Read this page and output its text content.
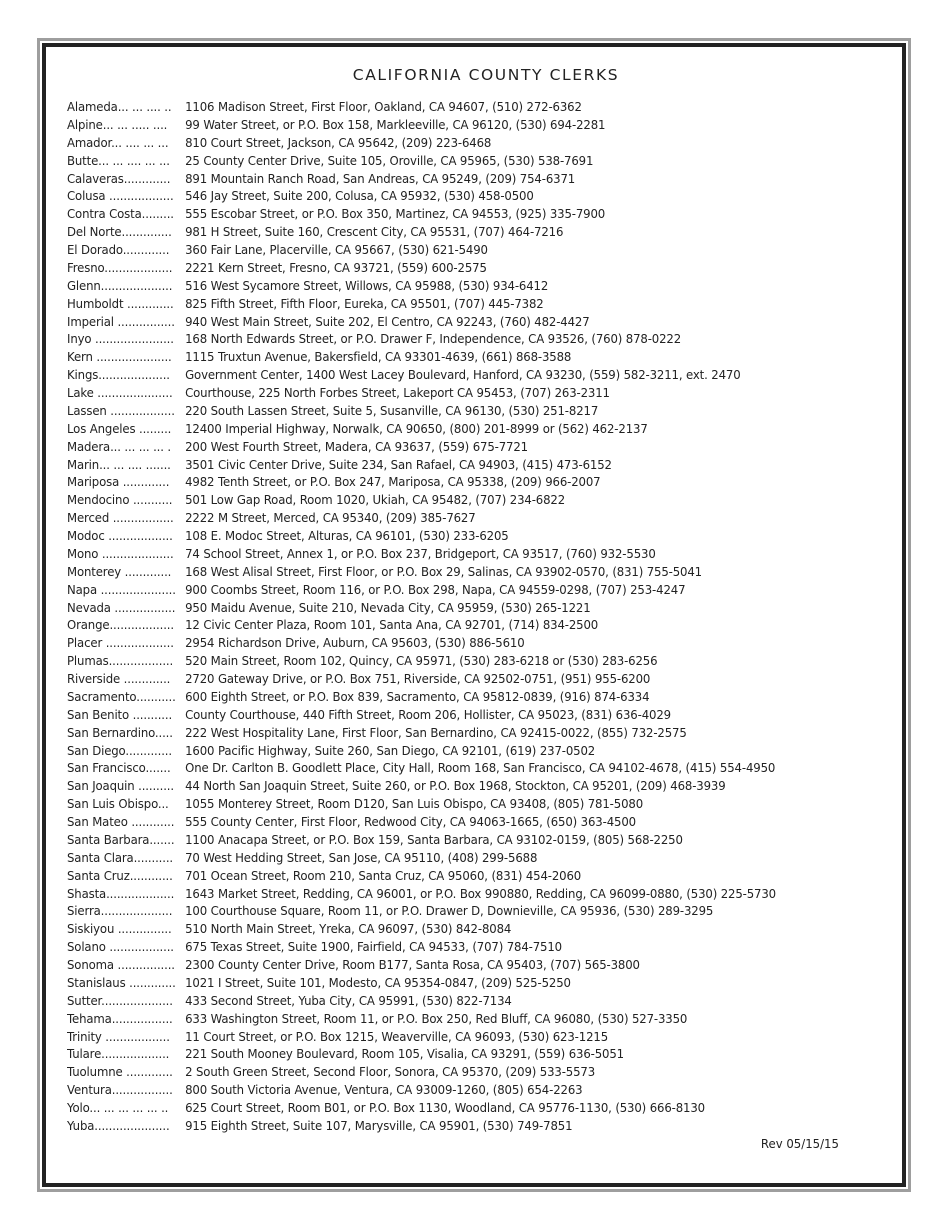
CALIFORNIA COUNTY CLERKS
Alameda... ... .... ..	1106 Madison Street, First Floor, Oakland, CA 94607, (510) 272-6362
Alpine... ... ..... ....	99 Water Street, or P.O. Box 158, Markleeville, CA 96120, (530) 694-2281
Amador... .... ... ...	810 Court Street, Jackson, CA 95642, (209) 223-6468
Butte... ... .... ... ...	25 County Center Drive, Suite 105, Oroville, CA 95965, (530) 538-7691
Calaveras.............	891 Mountain Ranch Road, San Andreas, CA 95249, (209) 754-6371
Colusa .................. 546 Jay Street, Suite 200, Colusa, CA 95932, (530) 458-0500
Contra Costa......... 555 Escobar Street, or P.O. Box 350, Martinez, CA 94553, (925) 335-7900
Del Norte..............	981 H Street, Suite 160, Crescent City, CA 95531, (707) 464-7216
El Dorado.............	360 Fair Lane, Placerville, CA 95667, (530) 621-5490
Fresno...................	2221 Kern Street, Fresno, CA 93721, (559) 600-2575
Glenn....................	516 West Sycamore Street, Willows, CA 95988, (530) 934-6412
Humboldt ............. 825 Fifth Street, Fifth Floor, Eureka, CA 95501, (707) 445-7382
Imperial ................ 940 West Main Street, Suite 202, El Centro, CA 92243, (760) 482-4427
Inyo ...................... 168 North Edwards Street, or P.O. Drawer F, Independence, CA 93526, (760) 878-0222
Kern .....................	1115 Truxtun Avenue, Bakersfield, CA 93301-4639, (661) 868-3588
Kings....................	Government Center, 1400 West Lacey Boulevard, Hanford, CA 93230, (559) 582-3211, ext. 2470
Lake ..................... Courthouse, 225 North Forbes Street, Lakeport CA 95453, (707) 263-2311
Lassen .................. 220 South Lassen Street, Suite 5, Susanville, CA 96130, (530) 251-8217
Los Angeles .........	12400 Imperial Highway, Norwalk, CA 90650, (800) 201-8999 or (562) 462-2137
Madera... ... ... ... .	200 West Fourth Street, Madera, CA 93637, (559) 675-7721
Marin... ... .... .......	3501 Civic Center Drive, Suite 234, San Rafael, CA 94903, (415) 473-6152
Mariposa .............	4982 Tenth Street, or P.O. Box 247, Mariposa, CA 95338, (209) 966-2007
Mendocino ...........	501 Low Gap Road, Room 1020, Ukiah, CA 95482, (707) 234-6822
Merced ................. 2222 M Street, Merced, CA 95340, (209) 385-7627
Modoc .................. 108 E. Modoc Street, Alturas, CA 96101, (530) 233-6205
Mono .................... 74 School Street, Annex 1, or P.O. Box 237, Bridgeport, CA 93517, (760) 932-5530
Monterey .............	168 West Alisal Street, First Floor, or P.O. Box 29, Salinas, CA 93902-0570, (831) 755-5041
Napa ..................... 900 Coombs Street, Room 116, or P.O. Box 298, Napa, CA 94559-0298, (707) 253-4247
Nevada ................. 950 Maidu Avenue, Suite 210, Nevada City, CA 95959, (530) 265-1221
Orange.................. 12 Civic Center Plaza, Room 101, Santa Ana, CA 92701, (714) 834-2500
Placer ................... 2954 Richardson Drive, Auburn, CA 95603, (530) 886-5610
Plumas.................. 520 Main Street, Room 102, Quincy, CA 95971, (530) 283-6218 or (530) 283-6256
Riverside .............	2720 Gateway Drive, or P.O. Box 751, Riverside, CA 92502-0751, (951) 955-6200
Sacramento........... 600 Eighth Street, or P.O. Box 839, Sacramento, CA 95812-0839, (916) 874-6334
San Benito ...........	County Courthouse, 440 Fifth Street, Room 206, Hollister, CA 95023, (831) 636-4029
San Bernardino..... 222 West Hospitality Lane, First Floor, San Bernardino, CA 92415-0022, (855) 732-2575
San Diego.............	1600 Pacific Highway, Suite 260, San Diego, CA 92101, (619) 237-0502
San Francisco.......	One Dr. Carlton B. Goodlett Place, City Hall, Room 168, San Francisco, CA 94102-4678, (415) 554-4950
San Joaquin .......... 44 North San Joaquin Street, Suite 260, or P.O. Box 1968, Stockton, CA 95201, (209) 468-3939
San Luis Obispo...	1055 Monterey Street, Room D120, San Luis Obispo, CA 93408, (805) 781-5080
San Mateo ............ 555 County Center, First Floor, Redwood City, CA 94063-1665, (650) 363-4500
Santa Barbara....... 1100 Anacapa Street, or P.O. Box 159, Santa Barbara, CA 93102-0159, (805) 568-2250
Santa Clara........... 70 West Hedding Street, San Jose, CA 95110, (408) 299-5688
Santa Cruz............ 701 Ocean Street, Room 210, Santa Cruz, CA 95060, (831) 454-2060
Shasta................... 1643 Market Street, Redding, CA 96001, or P.O. Box 990880, Redding, CA 96099-0880, (530) 225-5730
Sierra....................	100 Courthouse Square, Room 11, or P.O. Drawer D, Downieville, CA 95936, (530) 289-3295
Siskiyou ...............	510 North Main Street, Yreka, CA 96097, (530) 842-8084
Solano .................. 675 Texas Street, Suite 1900, Fairfield, CA 94533, (707) 784-7510
Sonoma ................ 2300 County Center Drive, Room B177, Santa Rosa, CA 95403, (707) 565-3800
Stanislaus ............. 1021 I Street, Suite 101, Modesto, CA 95354-0847, (209) 525-5250
Sutter.................... 433 Second Street, Yuba City, CA 95991, (530) 822-7134
Tehama................. 633 Washington Street, Room 11, or P.O. Box 250, Red Bluff, CA 96080, (530) 527-3350
Trinity ..................	11 Court Street, or P.O. Box 1215, Weaverville, CA 96093, (530) 623-1215
Tulare...................	221 South Mooney Boulevard, Room 105, Visalia, CA 93291, (559) 636-5051
Tuolumne ............. 2 South Green Street, Second Floor, Sonora, CA 95370, (209) 533-5573
Ventura................. 800 South Victoria Avenue, Ventura, CA 93009-1260, (805) 654-2263
Yolo... ... ... ... ... ..	625 Court Street, Room B01, or P.O. Box 1130, Woodland, CA 95776-1130, (530) 666-8130
Yuba.....................	915 Eighth Street, Suite 107, Marysville, CA 95901, (530) 749-7851
Rev 05/15/15
